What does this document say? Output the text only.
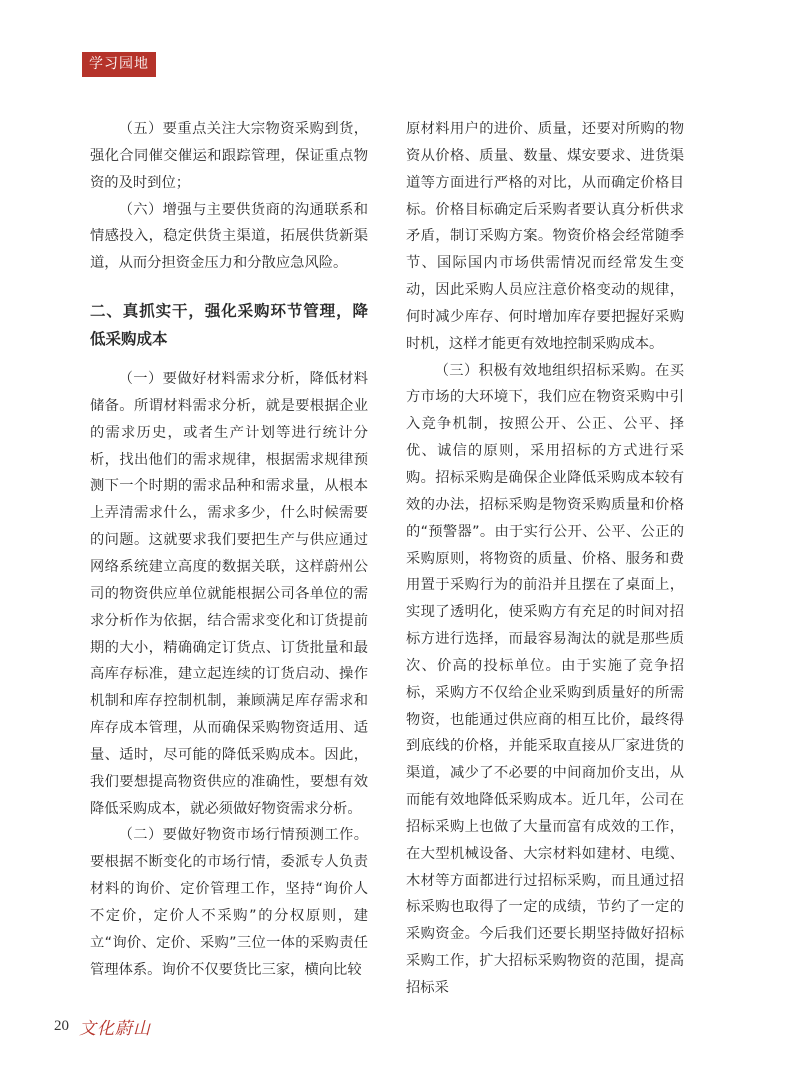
学习园地

（五）要重点关注大宗物资采购到货，强化合同催交催运和跟踪管理，保证重点物资的及时到位；

（六）增强与主要供货商的沟通联系和情感投入，稳定供货主渠道，拓展供货新渠道，从而分担资金压力和分散应急风险。

二、真抓实干，强化采购环节管理，降低采购成本

（一）要做好材料需求分析，降低材料储备。所谓材料需求分析，就是要根据企业的需求历史，或者生产计划等进行统计分析，找出他们的需求规律，根据需求规律预测下一个时期的需求品种和需求量，从根本上弄清需求什么，需求多少，什么时候需要的问题。这就要求我们要把生产与供应通过网络系统建立高度的数据关联，这样蔚州公司的物资供应单位就能根据公司各单位的需求分析作为依据，结合需求变化和订货提前期的大小，精确确定订货点、订货批量和最高库存标准，建立起连续的订货启动、操作机制和库存控制机制，兼顾满足库存需求和库存成本管理，从而确保采购物资适用、适量、适时，尽可能的降低采购成本。因此，我们要想提高物资供应的准确性，要想有效降低采购成本，就必须做好物资需求分析。

（二）要做好物资市场行情预测工作。要根据不断变化的市场行情，委派专人负责材料的询价、定价管理工作，坚持“询价人不定价，定价人不采购”的分权原则，建立“询价、定价、采购”三位一体的采购责任管理体系。询价不仅要货比三家，横向比较

原材料用户的进价、质量，还要对所购的物资从价格、质量、数量、煤安要求、进货渠道等方面进行严格的对比，从而确定价格目标。价格目标确定后采购者要认真分析供求矛盾，制订采购方案。物资价格会经常随季节、国际国内市场供需情况而经常发生变动，因此采购人员应注意价格变动的规律，何时减少库存、何时增加库存要把握好采购时机，这样才能更有效地控制采购成本。

（三）积极有效地组织招标采购。在买方市场的大环境下，我们应在物资采购中引入竞争机制，按照公开、公正、公平、择优、诚信的原则，采用招标的方式进行采购。招标采购是确保企业降低采购成本较有效的办法，招标采购是物资采购质量和价格的“预警器”。由于实行公开、公平、公正的采购原则，将物资的质量、价格、服务和费用置于采购行为的前沿并且摆在了桌面上，实现了透明化，使采购方有充足的时间对招标方进行选择，而最容易淘汰的就是那些质次、价高的投标单位。由于实施了竞争招标，采购方不仅给企业采购到质量好的所需物资，也能通过供应商的相互比价，最终得到底线的价格，并能采取直接从厂家进货的渠道，减少了不必要的中间商加价支出，从而能有效地降低采购成本。近几年，公司在招标采购上也做了大量而富有成效的工作，在大型机械设备、大宗材料如建材、电缆、木材等方面都进行过招标采购，而且通过招标采购也取得了一定的成绩，节约了一定的采购资金。今后我们还要长期坚持做好招标采购工作，扩大招标采购物资的范围，提高招标采

20 文化蔚山
